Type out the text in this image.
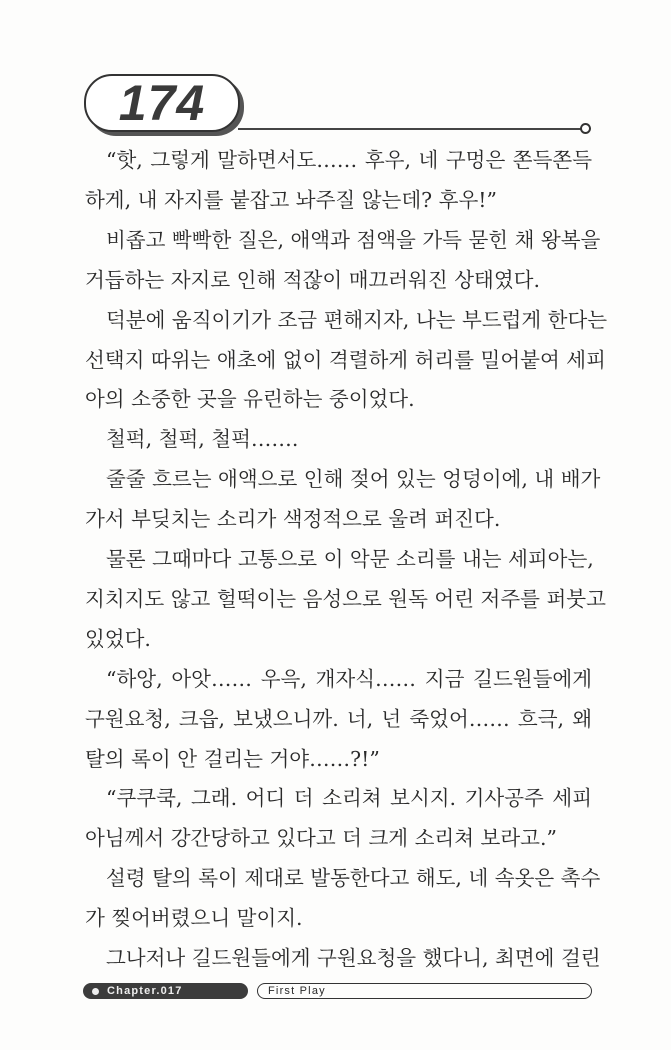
174
“핫, 그렇게 말하면서도…… 후우, 네 구멍은 쫀득쫀득
하게, 내 자지를 붙잡고 놔주질 않는데? 후우!”
비좁고 빡빡한 질은, 애액과 점액을 가득 묻힌 채 왕복을
거듭하는 자지로 인해 적잖이 매끄러워진 상태였다.
덕분에 움직이기가 조금 편해지자, 나는 부드럽게 한다는
선택지 따위는 애초에 없이 격렬하게 허리를 밀어붙여 세피
아의 소중한 곳을 유린하는 중이었다.
철퍽, 철퍽, 철퍽…….
줄줄 흐르는 애액으로 인해 젖어 있는 엉덩이에, 내 배가
가서 부딪치는 소리가 색정적으로 울려 퍼진다.
물론 그때마다 고통으로 이 악문 소리를 내는 세피아는,
지치지도 않고 헐떡이는 음성으로 원독 어린 저주를 퍼붓고
있었다.
“하앙, 아앗…… 우윽, 개자식…… 지금 길드원들에게
구원요청, 크읍, 보냈으니까. 너, 넌 죽었어…… 흐극, 왜
탈의 록이 안 걸리는 거야……?!”
“쿠쿠쿡, 그래. 어디 더 소리쳐 보시지. 기사공주 세피
아님께서 강간당하고 있다고 더 크게 소리쳐 보라고.”
설령 탈의 록이 제대로 발동한다고 해도, 네 속옷은 촉수
가 찢어버렸으니 말이지.
그나저나 길드원들에게 구원요청을 했다니, 최면에 걸린
Chapter.017	First Play
